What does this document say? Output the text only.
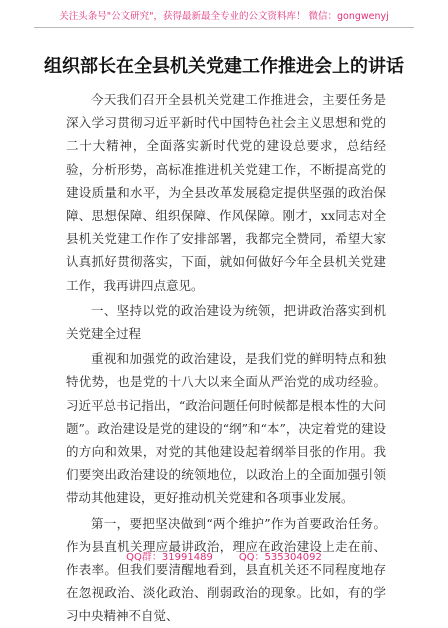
关注头条号"公文研究"，获得最新最全专业的公文资料库！ 微信：gongwenyj
组织部长在全县机关党建工作推进会上的讲话

今天我们召开全县机关党建工作推进会，主要任务是深入学习贯彻习近平新时代中国特色社会主义思想和党的二十大精神，全面落实新时代党的建设总要求，总结经验，分析形势，高标准推进机关党建工作，不断提高党的建设质量和水平，为全县改革发展稳定提供坚强的政治保障、思想保障、组织保障、作风保障。刚才，xx同志对全县机关党建工作作了安排部署，我都完全赞同，希望大家认真抓好贯彻落实，下面，就如何做好今年全县机关党建工作，我再讲四点意见。

一、坚持以党的政治建设为统领，把讲政治落实到机关党建全过程

重视和加强党的政治建设，是我们党的鲜明特点和独特优势，也是党的十八大以来全面从严治党的成功经验。习近平总书记指出，“政治问题任何时候都是根本性的大问题”。政治建设是党的建设的“纲”和“本”，决定着党的建设的方向和效果，对党的其他建设起着纲举目张的作用。我们要突出政治建设的统领地位，以政治上的全面加强引领带动其他建设，更好推动机关党建和各项事业发展。

第一，要把坚决做到“两个维护”作为首要政治任务。作为县直机关理应最讲政治，理应在政治建设上走在前、作表率。但我们要清醒地看到，县直机关还不同程度地存在忽视政治、淡化政治、削弱政治的现象。比如，有的学习中央精神不自觉、

QQ群：31991489	QQ：535304092
